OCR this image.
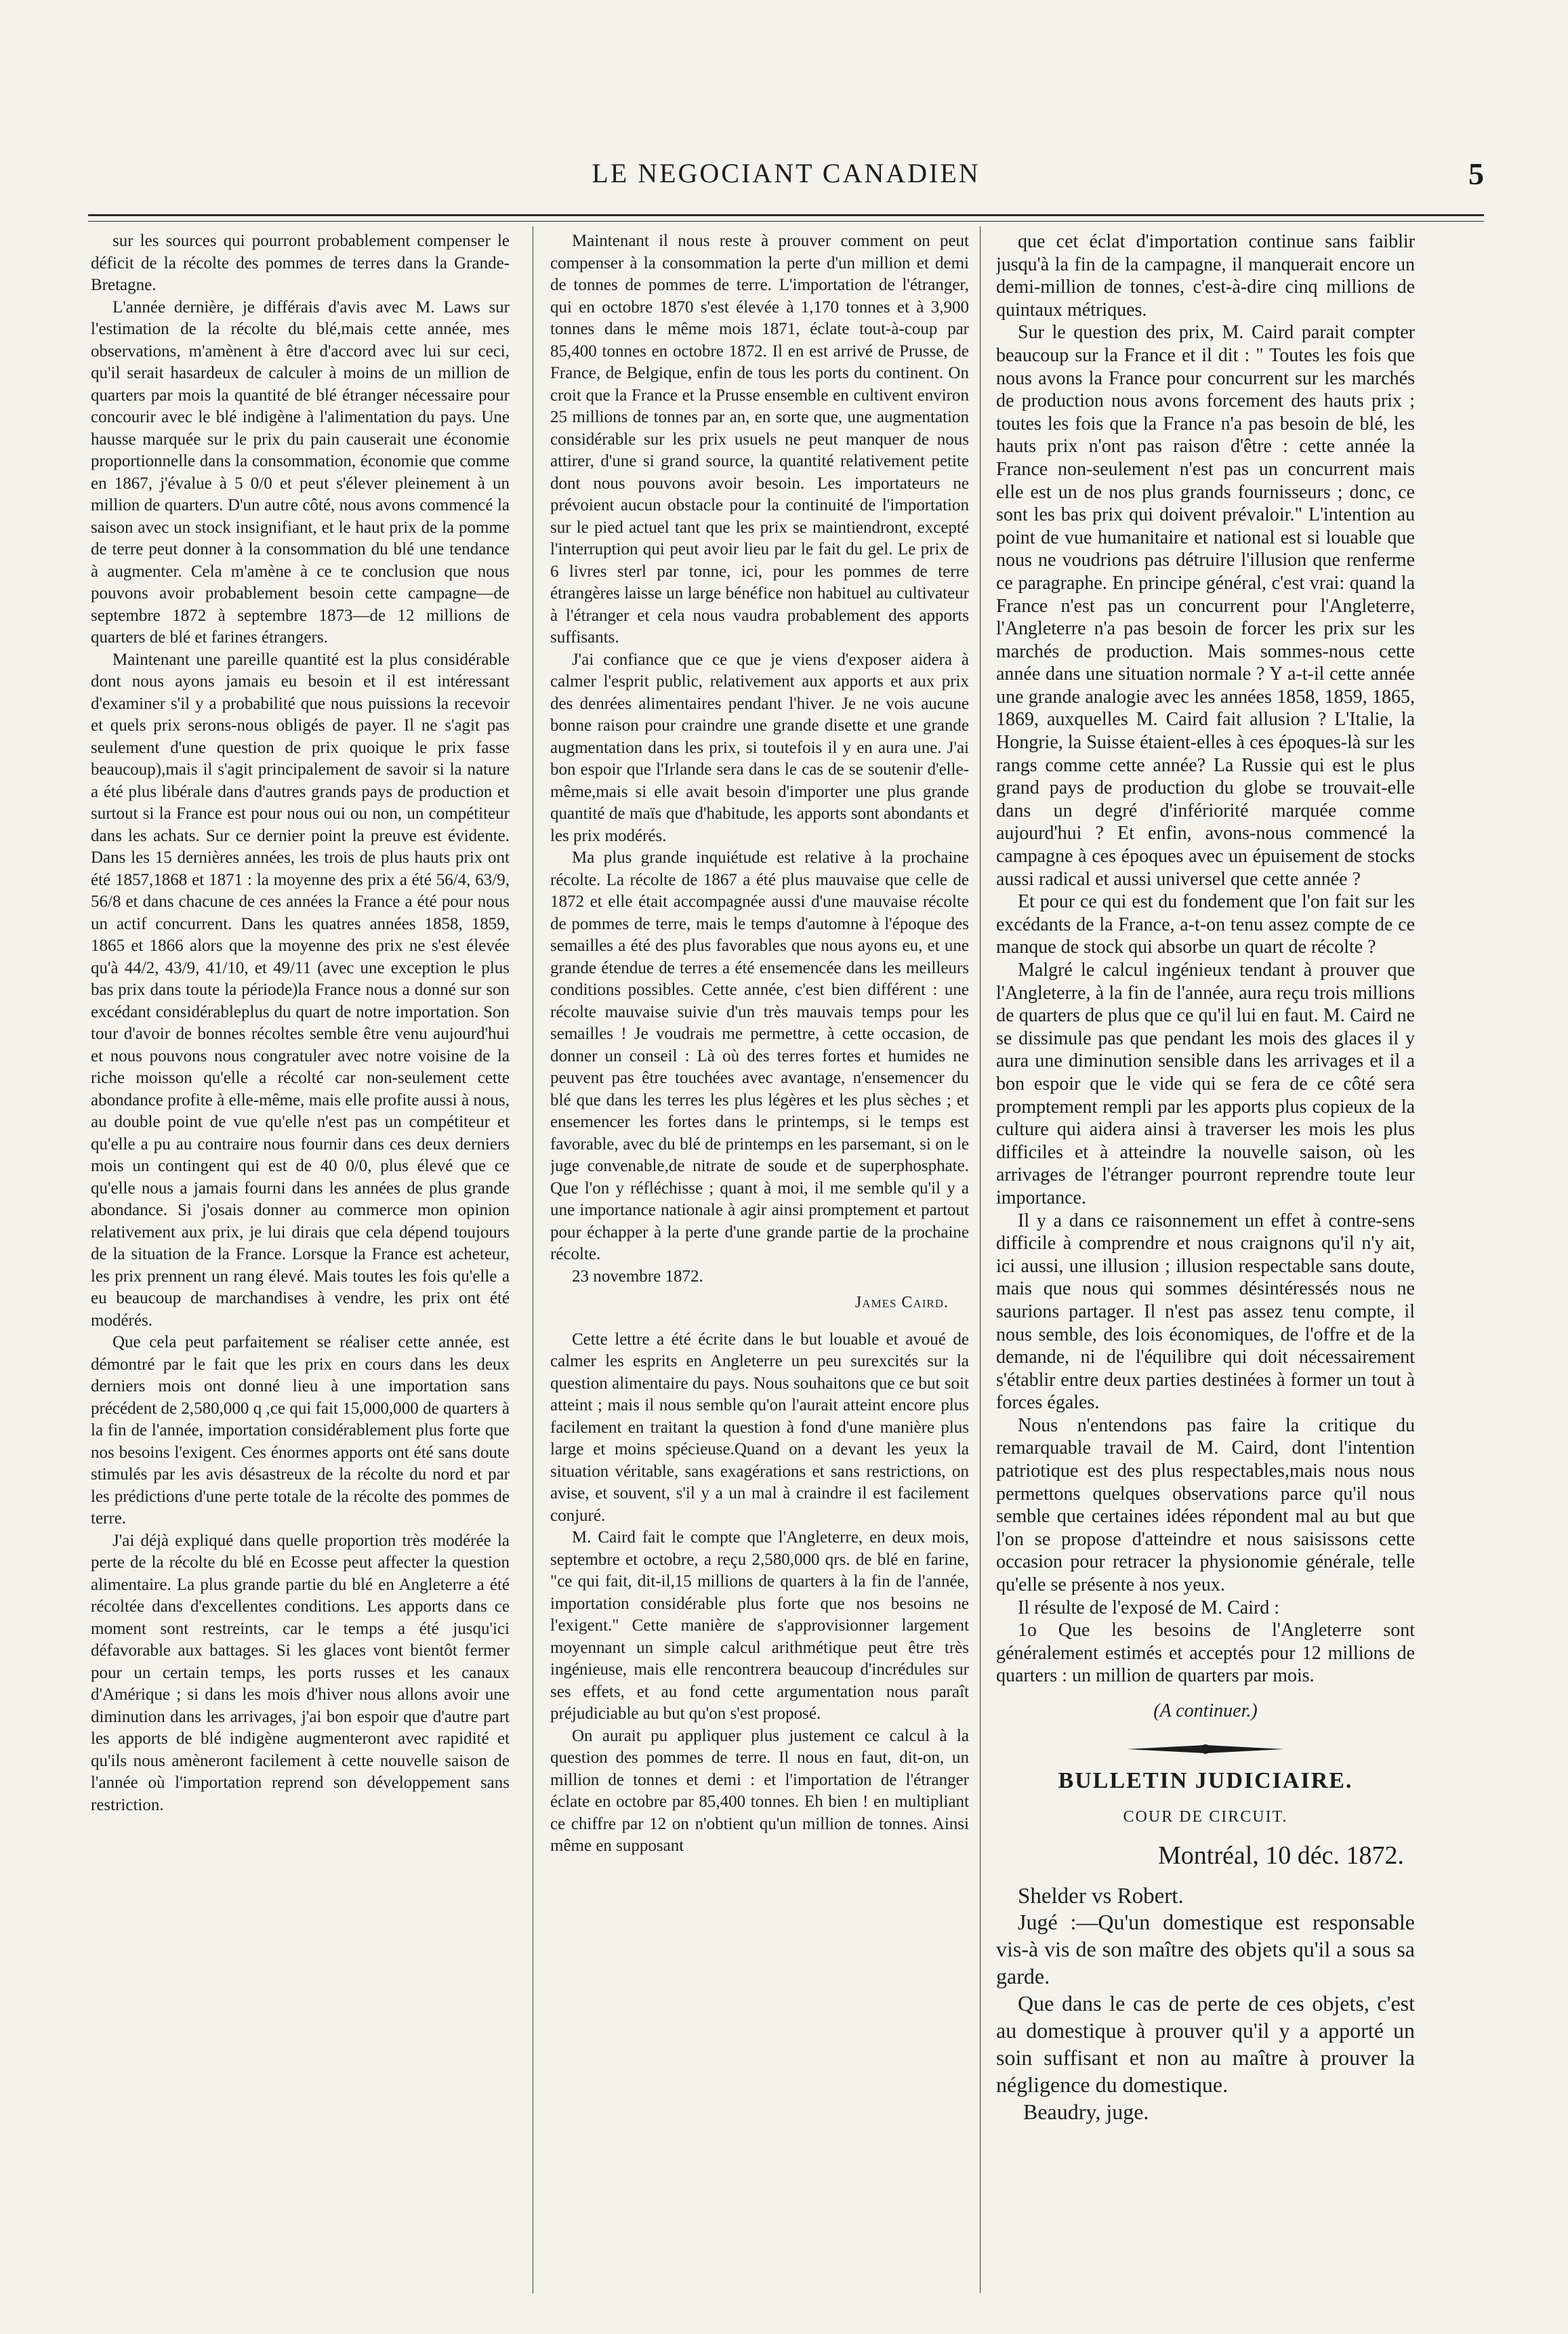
LE NEGOCIANT CANADIEN	5

sur les sources qui pourront probablement compenser le déficit de la récolte des pommes de terres dans la Grande-Bretagne.

L'année dernière, je différais d'avis avec M. Laws sur l'estimation de la récolte du blé,mais cette année, mes observations, m'amènent à être d'accord avec lui sur ceci, qu'il serait hasardeux de calculer à moins de un million de quarters par mois la quantité de blé étranger nécessaire pour concourir avec le blé indigène à l'alimentation du pays. Une hausse marquée sur le prix du pain causerait une économie proportionnelle dans la consommation, économie que comme en 1867, j'évalue à 5 0/0 et peut s'élever pleinement à un million de quarters. D'un autre côté, nous avons commencé la saison avec un stock insignifiant, et le haut prix de la pomme de terre peut donner à la consommation du blé une tendance à augmenter. Cela m'amène à ce te conclusion que nous pouvons avoir probablement besoin cette campagne—de septembre 1872 à septembre 1873—de 12 millions de quarters de blé et farines étrangers.

Maintenant une pareille quantité est la plus considérable dont nous ayons jamais eu besoin et il est intéressant d'examiner s'il y a probabilité que nous puissions la recevoir et quels prix serons-nous obligés de payer. Il ne s'agit pas seulement d'une question de prix quoique le prix fasse beaucoup),mais il s'agit principalement de savoir si la nature a été plus libérale dans d'autres grands pays de production et surtout si la France est pour nous oui ou non, un compétiteur dans les achats. Sur ce dernier point la preuve est évidente. Dans les 15 dernières années, les trois de plus hauts prix ont été 1857,1868 et 1871 : la moyenne des prix a été 56/4, 63/9, 56/8 et dans chacune de ces années la France a été pour nous un actif concurrent. Dans les quatres années 1858, 1859, 1865 et 1866 alors que la moyenne des prix ne s'est élevée qu'à 44/2, 43/9, 41/10, et 49/11 (avec une exception le plus bas prix dans toute la période)la France nous a donné sur son excédant considérableplus du quart de notre importation. Son tour d'avoir de bonnes récoltes semble être venu aujourd'hui et nous pouvons nous congratuler avec notre voisine de la riche moisson qu'elle a récolté car non-seulement cette abondance profite à elle-même, mais elle profite aussi à nous, au double point de vue qu'elle n'est pas un compétiteur et qu'elle a pu au contraire nous fournir dans ces deux derniers mois un contingent qui est de 40 0/0, plus élevé que ce qu'elle nous a jamais fourni dans les années de plus grande abondance. Si j'osais donner au commerce mon opinion relativement aux prix, je lui dirais que cela dépend toujours de la situation de la France. Lorsque la France est acheteur, les prix prennent un rang élevé. Mais toutes les fois qu'elle a eu beaucoup de marchandises à vendre, les prix ont été modérés.

Que cela peut parfaitement se réaliser cette année, est démontré par le fait que les prix en cours dans les deux derniers mois ont donné lieu à une importation sans précédent de 2,580,000 q ,ce qui fait 15,000,000 de quarters à la fin de l'année, importation considérablement plus forte que nos besoins l'exigent. Ces énormes apports ont été sans doute stimulés par les avis désastreux de la récolte du nord et par les prédictions d'une perte totale de la récolte des pommes de terre.

J'ai déjà expliqué dans quelle proportion très modérée la perte de la récolte du blé en Ecosse peut affecter la question alimentaire. La plus grande partie du blé en Angleterre a été récoltée dans d'excellentes conditions. Les apports dans ce moment sont restreints, car le temps a été jusqu'ici défavorable aux battages. Si les glaces vont bientôt fermer pour un certain temps, les ports russes et les canaux d'Amérique ; si dans les mois d'hiver nous allons avoir une diminution dans les arrivages, j'ai bon espoir que d'autre part les apports de blé indigène augmenteront avec rapidité et qu'ils nous amèneront facilement à cette nouvelle saison de l'année où l'importation reprend son développement sans restriction.

Maintenant il nous reste à prouver comment on peut compenser à la consommation la perte d'un million et demi de tonnes de pommes de terre. L'importation de l'étranger, qui en octobre 1870 s'est élevée à 1,170 tonnes et à 3,900 tonnes dans le même mois 1871, éclate tout-à-coup par 85,400 tonnes en octobre 1872. Il en est arrivé de Prusse, de France, de Belgique, enfin de tous les ports du continent. On croit que la France et la Prusse ensemble en cultivent environ 25 millions de tonnes par an, en sorte que, une augmentation considérable sur les prix usuels ne peut manquer de nous attirer, d'une si grand source, la quantité relativement petite dont nous pouvons avoir besoin. Les importateurs ne prévoient aucun obstacle pour la continuité de l'importation sur le pied actuel tant que les prix se maintiendront, excepté l'interruption qui peut avoir lieu par le fait du gel. Le prix de 6 livres sterl par tonne, ici, pour les pommes de terre étrangères laisse un large bénéfice non habituel au cultivateur à l'étranger et cela nous vaudra probablement des apports suffisants.

J'ai confiance que ce que je viens d'exposer aidera à calmer l'esprit public, relativement aux apports et aux prix des denrées alimentaires pendant l'hiver. Je ne vois aucune bonne raison pour craindre une grande disette et une grande augmentation dans les prix, si toutefois il y en aura une. J'ai bon espoir que l'Irlande sera dans le cas de se soutenir d'elle-même,mais si elle avait besoin d'importer une plus grande quantité de maïs que d'habitude, les apports sont abondants et les prix modérés.

Ma plus grande inquiétude est relative à la prochaine récolte. La récolte de 1867 a été plus mauvaise que celle de 1872 et elle était accompagnée aussi d'une mauvaise récolte de pommes de terre, mais le temps d'automne à l'époque des semailles a été des plus favorables que nous ayons eu, et une grande étendue de terres a été ensemencée dans les meilleurs conditions possibles. Cette année, c'est bien différent : une récolte mauvaise suivie d'un très mauvais temps pour les semailles ! Je voudrais me permettre, à cette occasion, de donner un conseil : Là où des terres fortes et humides ne peuvent pas être touchées avec avantage, n'ensemencer du blé que dans les terres les plus légères et les plus sèches ; et ensemencer les fortes dans le printemps, si le temps est favorable, avec du blé de printemps en les parsemant, si on le juge convenable,de nitrate de soude et de superphosphate. Que l'on y réfléchisse ; quant à moi, il me semble qu'il y a une importance nationale à agir ainsi promptement et partout pour échapper à la perte d'une grande partie de la prochaine récolte.

23 novembre 1872.

James Caird.

Cette lettre a été écrite dans le but louable et avoué de calmer les esprits en Angleterre un peu surexcités sur la question alimentaire du pays. Nous souhaitons que ce but soit atteint ; mais il nous semble qu'on l'aurait atteint encore plus facilement en traitant la question à fond d'une manière plus large et moins spécieuse.Quand on a devant les yeux la situation véritable, sans exagérations et sans restrictions, on avise, et souvent, s'il y a un mal à craindre il est facilement conjuré.

M. Caird fait le compte que l'Angleterre, en deux mois, septembre et octobre, a reçu 2,580,000 qrs. de blé en farine, "ce qui fait, dit-il,15 millions de quarters à la fin de l'année, importation considérable plus forte que nos besoins ne l'exigent." Cette manière de s'approvisionner largement moyennant un simple calcul arithmétique peut être très ingénieuse, mais elle rencontrera beaucoup d'incrédules sur ses effets, et au fond cette argumentation nous paraît préjudiciable au but qu'on s'est proposé.

On aurait pu appliquer plus justement ce calcul à la question des pommes de terre. Il nous en faut, dit-on, un million de tonnes et demi : et l'importation de l'étranger éclate en octobre par 85,400 tonnes. Eh bien ! en multipliant ce chiffre par 12 on n'obtient qu'un million de tonnes. Ainsi même en supposant

que cet éclat d'importation continue sans faiblir jusqu'à la fin de la campagne, il manquerait encore un demi-million de tonnes, c'est-à-dire cinq millions de quintaux métriques.

Sur le question des prix, M. Caird parait compter beaucoup sur la France et il dit : " Toutes les fois que nous avons la France pour concurrent sur les marchés de production nous avons forcement des hauts prix ; toutes les fois que la France n'a pas besoin de blé, les hauts prix n'ont pas raison d'être : cette année la France non-seulement n'est pas un concurrent mais elle est un de nos plus grands fournisseurs ; donc, ce sont les bas prix qui doivent prévaloir." L'intention au point de vue humanitaire et national est si louable que nous ne voudrions pas détruire l'illusion que renferme ce paragraphe. En principe général, c'est vrai: quand la France n'est pas un concurrent pour l'Angleterre, l'Angleterre n'a pas besoin de forcer les prix sur les marchés de production. Mais sommes-nous cette année dans une situation normale ? Y a-t-il cette année une grande analogie avec les années 1858, 1859, 1865, 1869, auxquelles M. Caird fait allusion ? L'Italie, la Hongrie, la Suisse étaient-elles à ces époques-là sur les rangs comme cette année? La Russie qui est le plus grand pays de production du globe se trouvait-elle dans un degré d'infériorité marquée comme aujourd'hui ? Et enfin, avons-nous commencé la campagne à ces époques avec un épuisement de stocks aussi radical et aussi universel que cette année ?

Et pour ce qui est du fondement que l'on fait sur les excédants de la France, a-t-on tenu assez compte de ce manque de stock qui absorbe un quart de récolte ?

Malgré le calcul ingénieux tendant à prouver que l'Angleterre, à la fin de l'année, aura reçu trois millions de quarters de plus que ce qu'il lui en faut. M. Caird ne se dissimule pas que pendant les mois des glaces il y aura une diminution sensible dans les arrivages et il a bon espoir que le vide qui se fera de ce côté sera promptement rempli par les apports plus copieux de la culture qui aidera ainsi à traverser les mois les plus difficiles et à atteindre la nouvelle saison, où les arrivages de l'étranger pourront reprendre toute leur importance.

Il y a dans ce raisonnement un effet à contre-sens difficile à comprendre et nous craignons qu'il n'y ait, ici aussi, une illusion ; illusion respectable sans doute, mais que nous qui sommes désintéressés nous ne saurions partager. Il n'est pas assez tenu compte, il nous semble, des lois économiques, de l'offre et de la demande, ni de l'équilibre qui doit nécessairement s'établir entre deux parties destinées à former un tout à forces égales.

Nous n'entendons pas faire la critique du remarquable travail de M. Caird, dont l'intention patriotique est des plus respectables,mais nous nous permettons quelques observations parce qu'il nous semble que certaines idées répondent mal au but que l'on se propose d'atteindre et nous saisissons cette occasion pour retracer la physionomie générale, telle qu'elle se présente à nos yeux.

Il résulte de l'exposé de M. Caird :

1o Que les besoins de l'Angleterre sont généralement estimés et acceptés pour 12 millions de quarters : un million de quarters par mois.

(A continuer.)
BULLETIN JUDICIAIRE.
COUR DE CIRCUIT.
Montréal, 10 déc. 1872.

Shelder vs Robert.

Jugé :—Qu'un domestique est responsable vis-à vis de son maître des objets qu'il a sous sa garde.

Que dans le cas de perte de ces objets, c'est au domestique à prouver qu'il y a apporté un soin suffisant et non au maître à prouver la négligence du domestique.

Beaudry, juge.
